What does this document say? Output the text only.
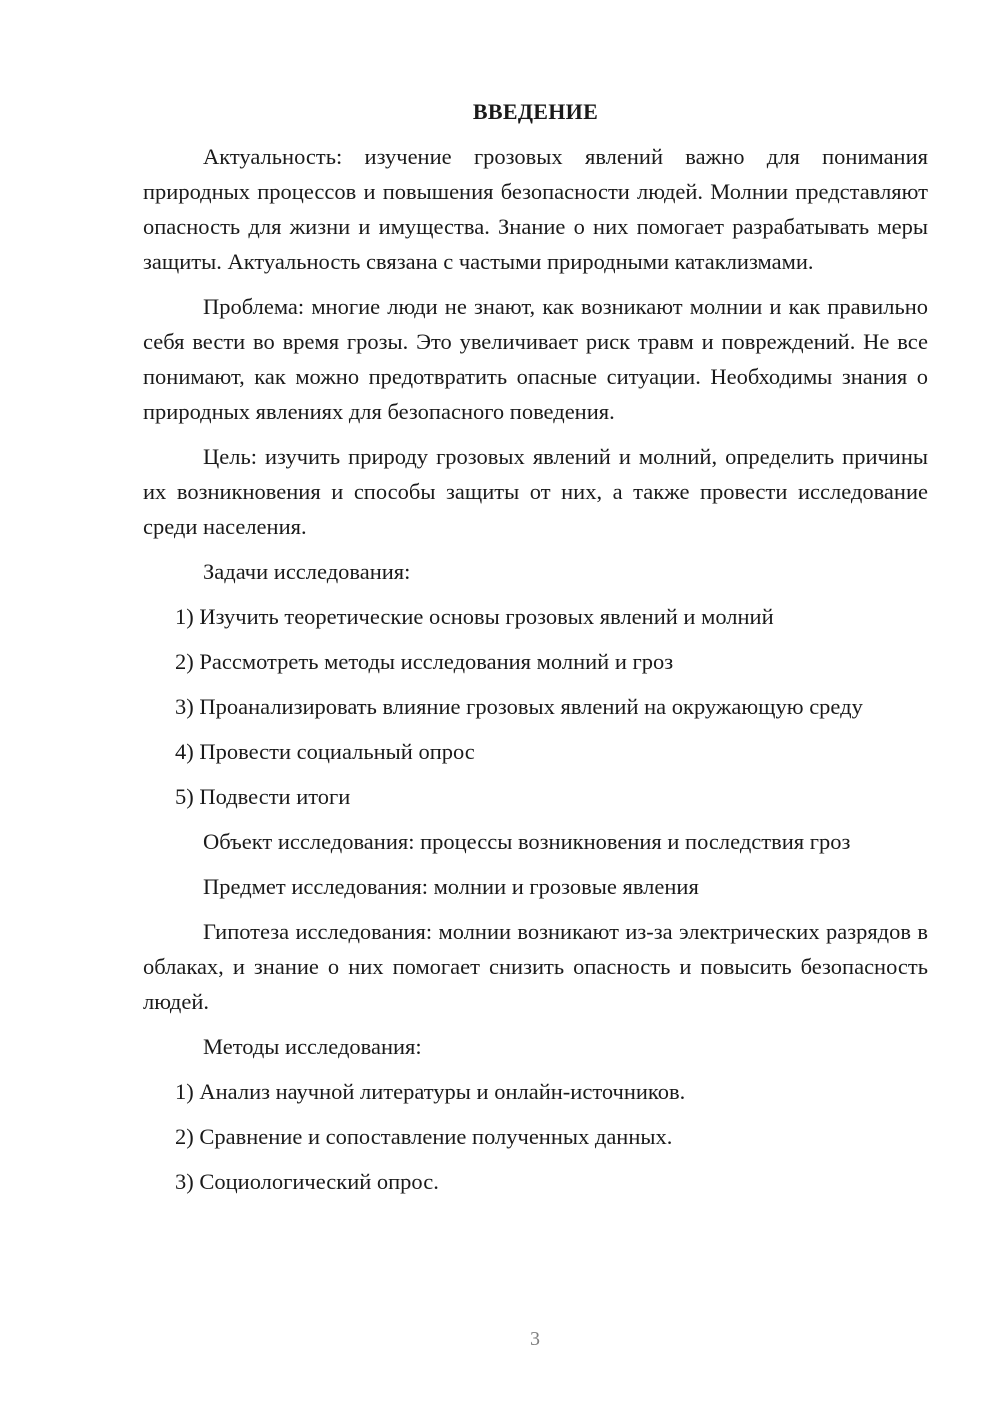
ВВЕДЕНИЕ
Актуальность: изучение грозовых явлений важно для понимания природных процессов и повышения безопасности людей. Молнии представляют опасность для жизни и имущества. Знание о них помогает разрабатывать меры защиты. Актуальность связана с частыми природными катаклизмами.
Проблема: многие люди не знают, как возникают молнии и как правильно себя вести во время грозы. Это увеличивает риск травм и повреждений. Не все понимают, как можно предотвратить опасные ситуации. Необходимы знания о природных явлениях для безопасного поведения.
Цель: изучить природу грозовых явлений и молний, определить причины их возникновения и способы защиты от них, а также провести исследование среди населения.
Задачи исследования:
1) Изучить теоретические основы грозовых явлений и молний
2) Рассмотреть методы исследования молний и гроз
3) Проанализировать влияние грозовых явлений на окружающую среду
4) Провести социальный опрос
5) Подвести итоги
Объект исследования: процессы возникновения и последствия гроз
Предмет исследования: молнии и грозовые явления
Гипотеза исследования: молнии возникают из-за электрических разрядов в облаках, и знание о них помогает снизить опасность и повысить безопасность людей.
Методы исследования:
1) Анализ научной литературы и онлайн-источников.
2) Сравнение и сопоставление полученных данных.
3) Социологический опрос.
3
